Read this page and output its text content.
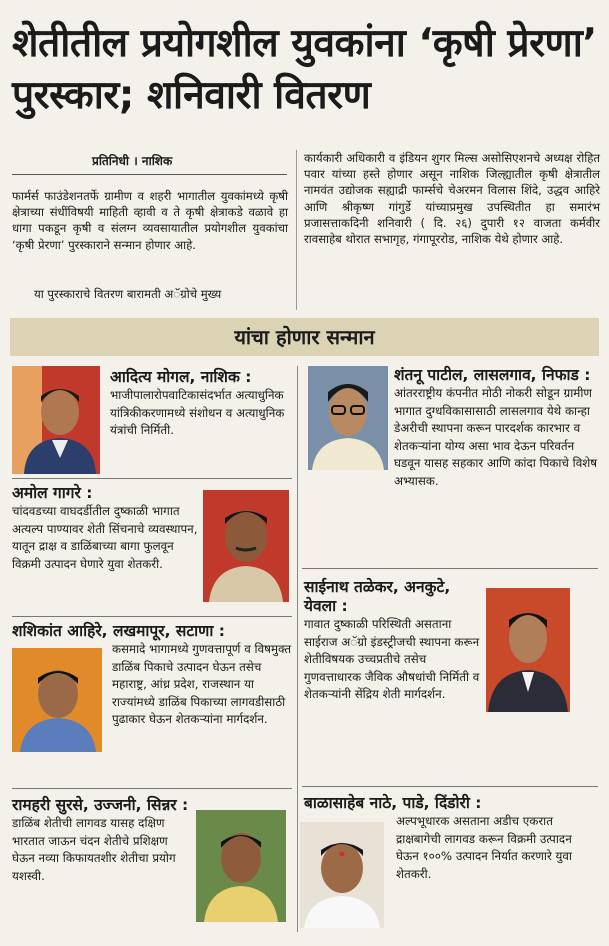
शेतीतील प्रयोगशील युवकांना ‘कृषी प्रेरणा’ पुरस्कार; शनिवारी वितरण
प्रतिनिधी । नाशिक

फार्मर्स फाउंडेशनतर्फे ग्रामीण व शहरी भागातील युवकांमध्ये कृषी क्षेत्राच्या संधींविषयी माहिती व्हावी व ते कृषी क्षेत्राकडे वळावे हा धागा पकडून कृषी व संलग्न व्यवसायातील प्रयोगशील युवकांचा ‘कृषी प्रेरणा’ पुरस्काराने सन्मान होणार आहे.

या पुरस्काराचे वितरण बारामती अॅग्रोचे मुख्य

कार्यकारी अधिकारी व इंडियन शुगर मिल्स असोसिएशनचे अध्यक्ष रोहित पवार यांच्या हस्ते होणार असून नाशिक जिल्ह्यातील कृषी क्षेत्रातील नामवंत उद्योजक सह्याद्री फार्म्सचे चेअरमन विलास शिंदे, उद्धव आहिरे आणि श्रीकृष्ण गांगुर्डे यांच्याप्रमुख उपस्थितीत हा समारंभ प्रजासत्ताकदिनी शनिवारी ( दि. २६) दुपारी १२ वाजता कर्मवीर रावसाहेब थोरात सभागृह, गंगापूररोड, नाशिक येथे होणार आहे.

यांचा होणार सन्मान
आदित्य मोगल, नाशिक :
भाजीपालारोपवाटिकासंदर्भात अत्याधुनिक यांत्रिकीकरणामध्ये संशोधन व अत्याधुनिक यंत्रांची निर्मिती.
अमोल गागरे :
चांदवडच्या वाघदर्डीतील दुष्काळी भागात अत्यल्प पाण्यावर शेती सिंचनाचे व्यवस्थापन, यातून द्राक्ष व डाळिंबाच्या बागा फुलवून विक्रमी उत्पादन घेणारे युवा शेतकरी.
शशिकांत आहिरे, लखमापूर, सटाणा :
कसमादे भागामध्ये गुणवत्तापूर्ण व विषमुक्त डाळिंब पिकाचे उत्पादन घेऊन तसेच महाराष्ट्र, आंध्र प्रदेश, राजस्थान या राज्यांमध्ये डाळिंब पिकाच्या लागवडीसाठी पुढाकार घेऊन शेतकऱ्यांना मार्गदर्शन.
रामहरी सुरसे, उज्जनी, सिन्नर :
डाळिंब शेतीची लागवड यासह दक्षिण भारतात जाऊन चंदन शेतीचे प्रशिक्षण घेऊन नव्या किफायतशीर शेतीचा प्रयोग यशस्वी.
शंतनू पाटील, लासलगाव, निफाड :
आंतरराष्ट्रीय कंपनीत मोठी नोकरी सोडून ग्रामीण भागात दुग्धविकासासाठी लासलगाव येथे कान्हा डेअरीची स्थापना करून पारदर्शक कारभार व शेतकऱ्यांना योग्य असा भाव देऊन परिवर्तन घडवून यासह सहकार आणि कांदा पिकाचे विशेष अभ्यासक.
साईनाथ तळेकर, अनकुटे, येवला :
गावात दुष्काळी परिस्थिती असताना साईराज अॅग्रो इंडस्ट्रीजची स्थापना करून शेतीविषयक उच्चप्रतीचे तसेच गुणवत्ताधारक जैविक औषधांची निर्मिती व शेतकऱ्यांनी सेंद्रिय शेती मार्गदर्शन.
बाळासाहेब नाठे, पाडे, दिंडोरी :
अल्पभूधारक असताना अडीच एकरात द्राक्षबागेची लागवड करून विक्रमी उत्पादन घेऊन १००% उत्पादन निर्यात करणारे युवा शेतकरी.
